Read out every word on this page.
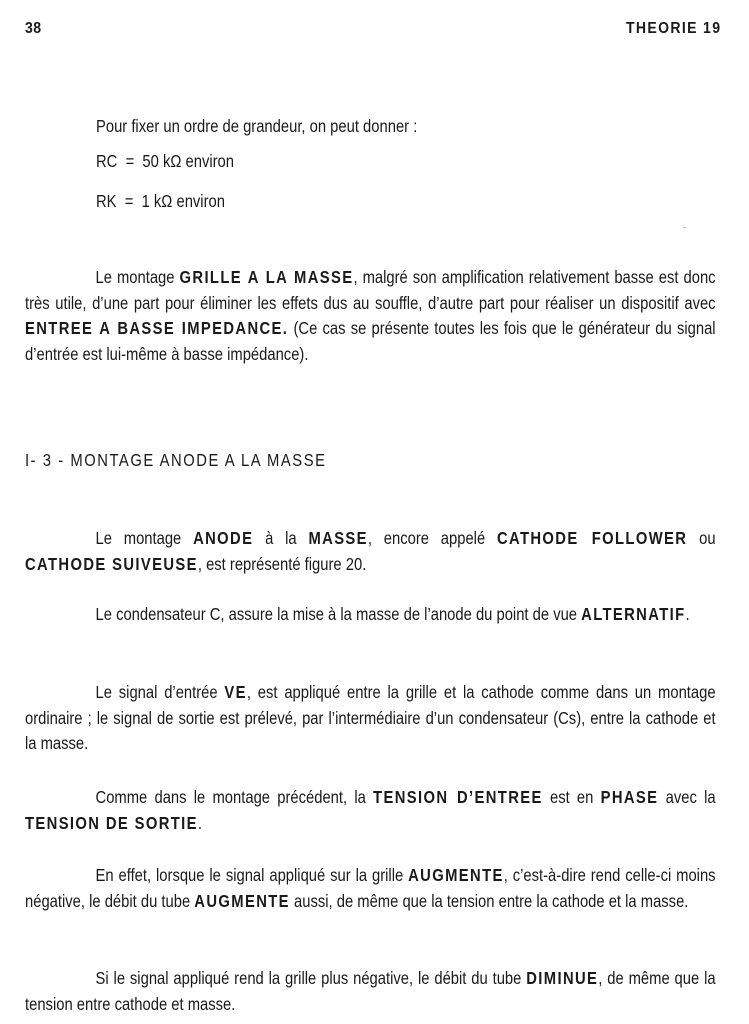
38	THEORIE 19
Pour fixer un ordre de grandeur, on peut donner :
RC  =  50 kΩ environ
RK  =  1 kΩ environ
Le montage GRILLE A LA MASSE, malgré son amplification relativement basse est donc très utile, d’une part pour éliminer les effets dus au souffle, d’autre part pour réaliser un dispositif avec ENTREE A BASSE IMPEDANCE. (Ce cas se présente toutes les fois que le générateur du signal d’entrée est lui-même à basse impédance).
I- 3 - MONTAGE ANODE A LA MASSE
Le montage ANODE à la MASSE, encore appelé CATHODE FOLLOWER ou CATHODE SUIVEUSE, est représenté figure 20.
Le condensateur C, assure la mise à la masse de l’anode du point de vue ALTERNATIF.
Le signal d’entrée VE, est appliqué entre la grille et la cathode comme dans un montage ordinaire ; le signal de sortie est prélevé, par l’intermédiaire d’un condensateur (Cs), entre la cathode et la masse.
Comme dans le montage précédent, la TENSION D’ENTREE est en PHASE avec la TENSION DE SORTIE.
En effet, lorsque le signal appliqué sur la grille AUGMENTE, c’est-à-dire rend celle-ci moins négative, le débit du tube AUGMENTE aussi, de même que la tension entre la cathode et la masse.
Si le signal appliqué rend la grille plus négative, le débit du tube DIMINUE, de même que la tension entre cathode et masse.
